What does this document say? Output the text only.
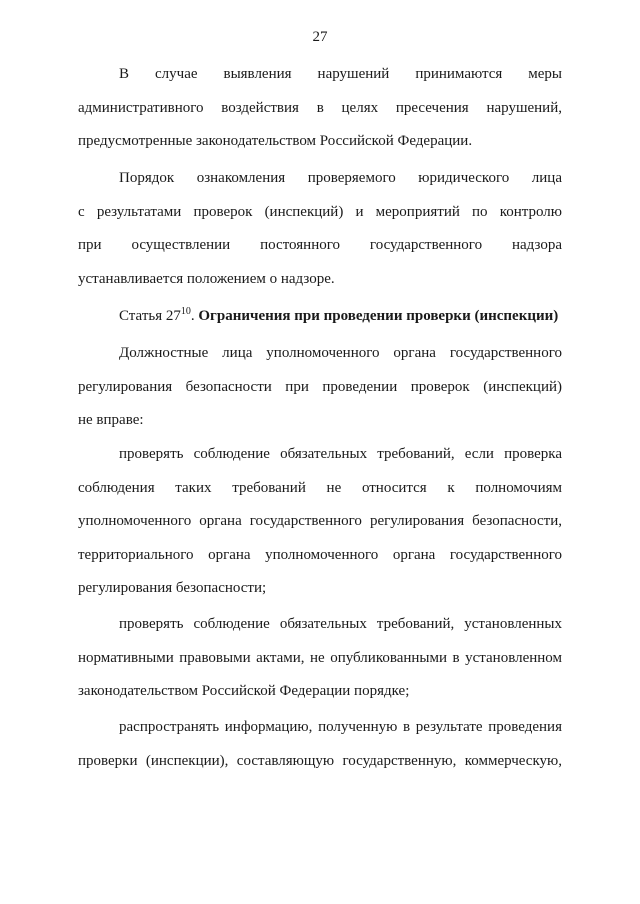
27
В случае выявления нарушений принимаются меры
административного воздействия в целях пресечения нарушений,
предусмотренные законодательством Российской Федерации.
Порядок ознакомления проверяемого юридического лица
с результатами проверок (инспекций) и мероприятий по контролю
при осуществлении постоянного государственного надзора
устанавливается положением о надзоре.
Статья $27^{10}$. Ограничения при проведении проверки (инспекции)
Должностные лица уполномоченного органа государственного
регулирования безопасности при проведении проверок (инспекций)
не вправе:
проверять соблюдение обязательных требований, если проверка
соблюдения таких требований не относится к полномочиям
уполномоченного органа государственного регулирования безопасности,
территориального органа уполномоченного органа государственного
регулирования безопасности;
проверять соблюдение обязательных требований, установленных
нормативными правовыми актами, не опубликованными в установленном
законодательством Российской Федерации порядке;
распространять информацию, полученную в результате проведения
проверки (инспекции), составляющую государственную, коммерческую,
